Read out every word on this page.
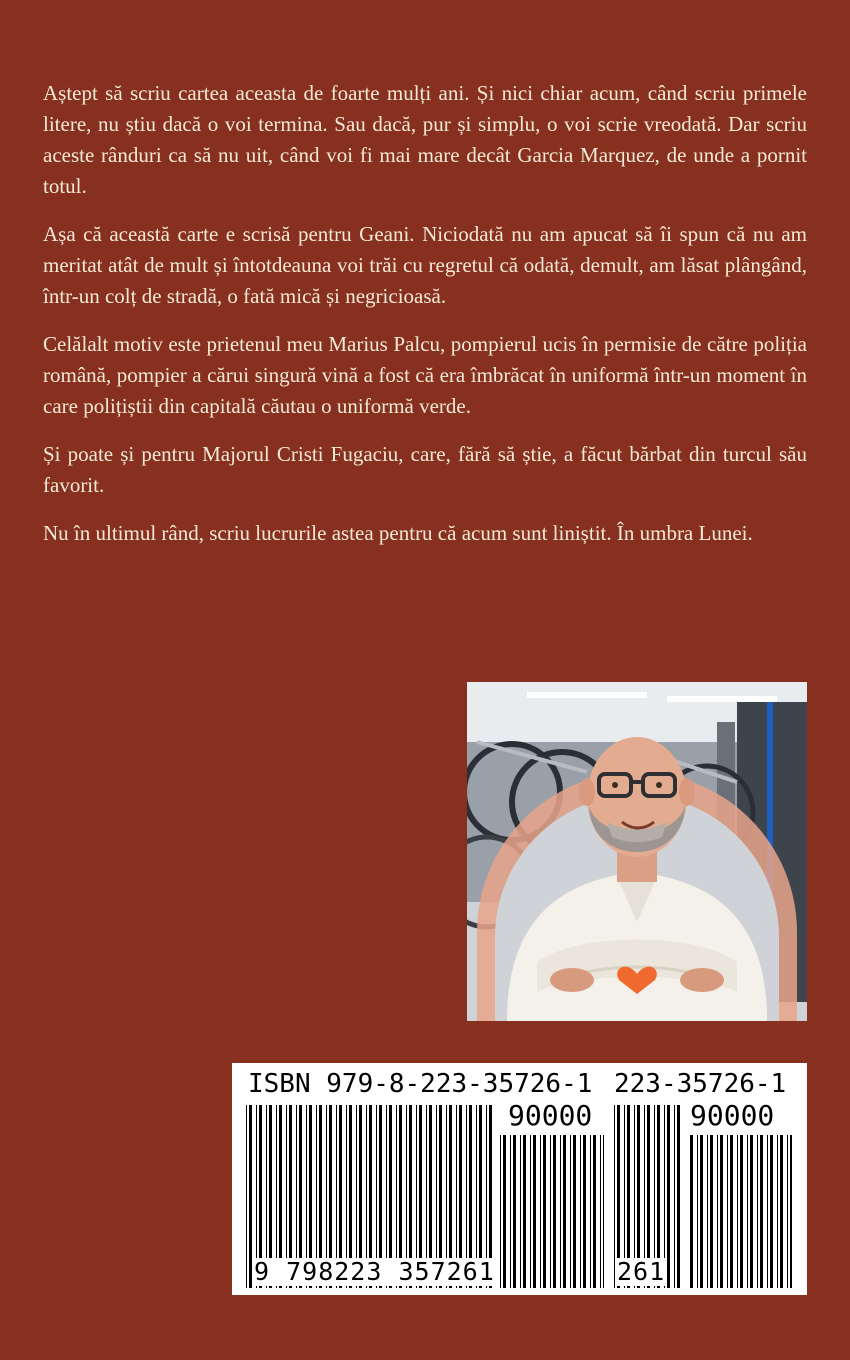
Aștept să scriu cartea aceasta de foarte mulți ani. Și nici chiar acum, când scriu primele litere, nu știu dacă o voi termina. Sau dacă, pur și simplu, o voi scrie vreodată. Dar scriu aceste rânduri ca să nu uit, când voi fi mai mare decât Garcia Marquez, de unde a pornit totul.

Așa că această carte e scrisă pentru Geani. Niciodată nu am apucat să îi spun că nu am meritat atât de mult și întotdeauna voi trăi cu regretul că odată, demult, am lăsat plângând, într-un colț de stradă, o fată mică și negricioasă.

Celălalt motiv este prietenul meu Marius Palcu, pompierul ucis în permisie de către poliția română, pompier a cărui singură vină a fost că era îmbrăcat în uniformă într-un moment în care polițiștii din capitală căutau o uniformă verde.

Și poate și pentru Majorul Cristi Fugaciu, care, fără să știe, a făcut bărbat din turcul său favorit.

Nu în ultimul rând, scriu lucrurile astea pentru că acum sunt liniștit. În umbra Lunei.

ISBN 979-8-223-35726-1 223-35726-1
90000	90000
9 798223 357261	261
